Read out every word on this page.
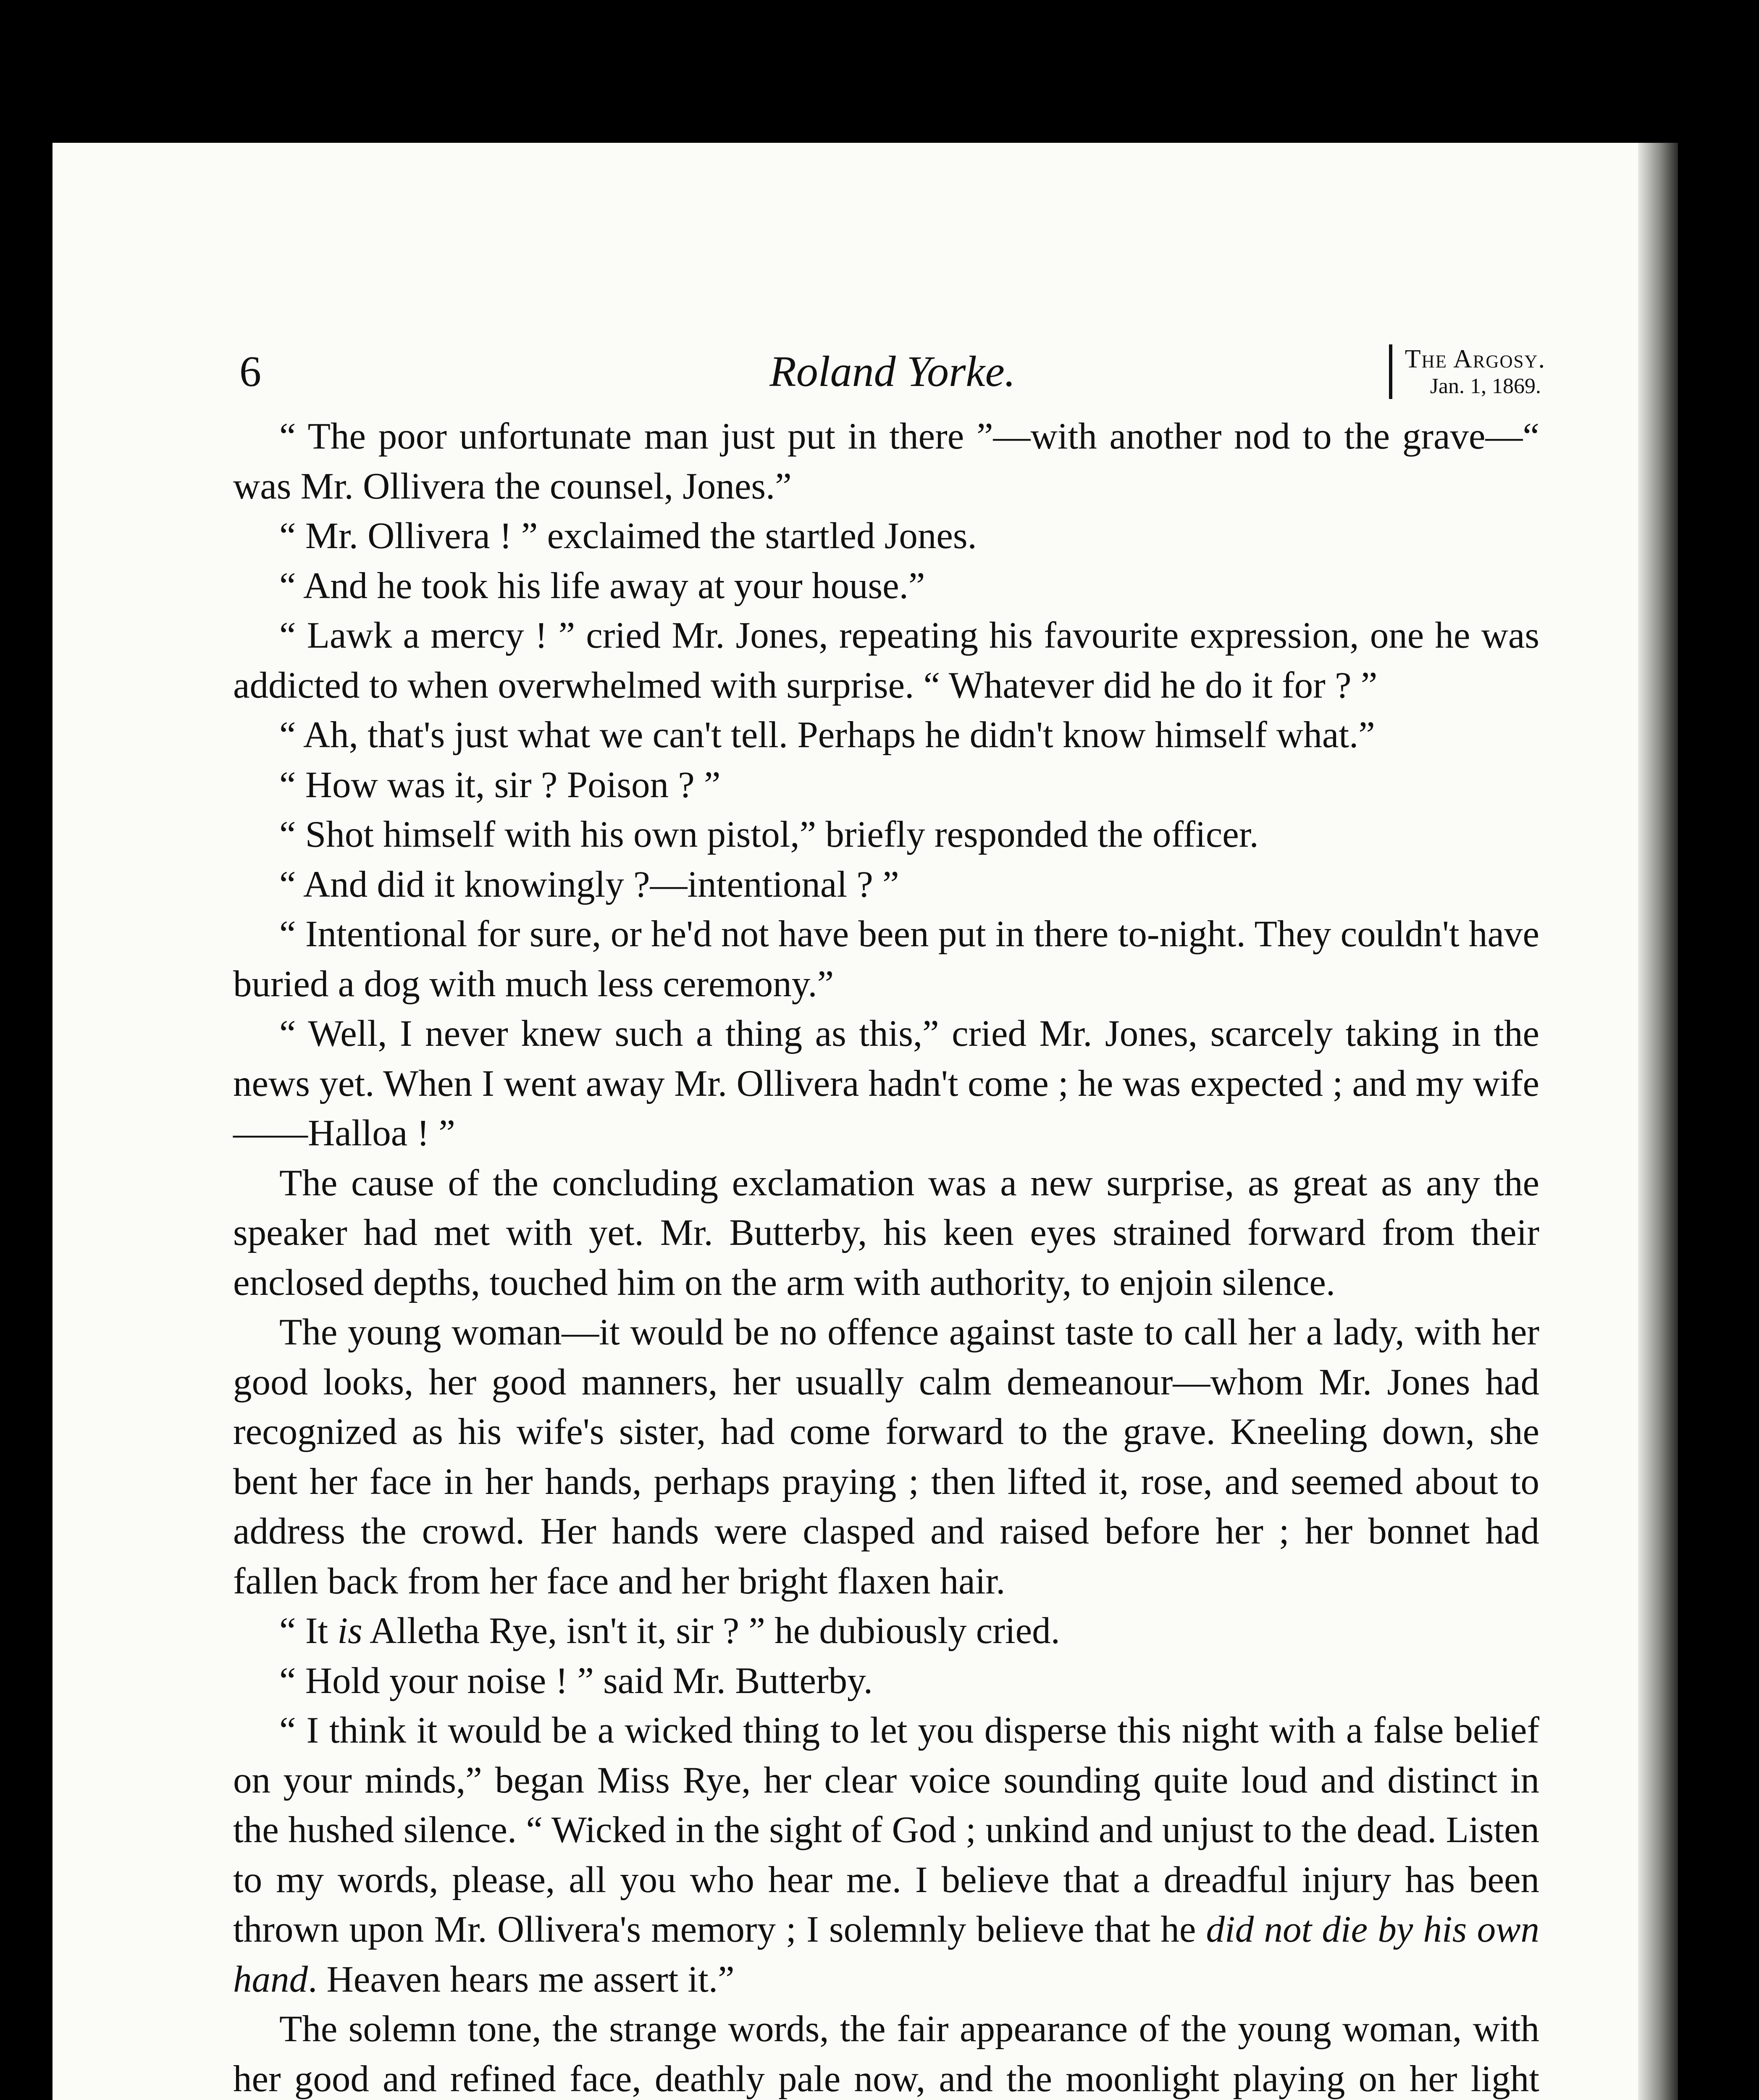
6	Roland Yorke.	The Argosy.
Jan. 1, 1869.

“ The poor unfortunate man just put in there ”—with another nod to the grave—“ was Mr. Ollivera the counsel, Jones.”

“ Mr. Ollivera ! ” exclaimed the startled Jones.

“ And he took his life away at your house.”

“ Lawk a mercy ! ” cried Mr. Jones, repeating his favourite expression, one he was addicted to when overwhelmed with surprise. “ Whatever did he do it for ? ”

“ Ah, that's just what we can't tell. Perhaps he didn't know himself what.”

“ How was it, sir ? Poison ? ”

“ Shot himself with his own pistol,” briefly responded the officer.

“ And did it knowingly ?—intentional ? ”

“ Intentional for sure, or he'd not have been put in there to-night. They couldn't have buried a dog with much less ceremony.”

“ Well, I never knew such a thing as this,” cried Mr. Jones, scarcely taking in the news yet. When I went away Mr. Ollivera hadn't come ; he was expected ; and my wife——Halloa ! ”

The cause of the concluding exclamation was a new surprise, as great as any the speaker had met with yet. Mr. Butterby, his keen eyes strained forward from their enclosed depths, touched him on the arm with authority, to enjoin silence.

The young woman—it would be no offence against taste to call her a lady, with her good looks, her good manners, her usually calm demeanour—whom Mr. Jones had recognized as his wife's sister, had come forward to the grave. Kneeling down, she bent her face in her hands, perhaps praying ; then lifted it, rose, and seemed about to address the crowd. Her hands were clasped and raised before her ; her bonnet had fallen back from her face and her bright flaxen hair.

“ It is Alletha Rye, isn't it, sir ? ” he dubiously cried.

“ Hold your noise ! ” said Mr. Butterby.

“ I think it would be a wicked thing to let you disperse this night with a false belief on your minds,” began Miss Rye, her clear voice sounding quite loud and distinct in the hushed silence. “ Wicked in the sight of God ; unkind and unjust to the dead. Listen to my words, please, all you who hear me. I believe that a dreadful injury has been thrown upon Mr. Ollivera's memory ; I solemnly believe that he did not die by his own hand. Heaven hears me assert it.”

The solemn tone, the strange words, the fair appearance of the young woman, with her good and refined face, deathly pale now, and the moonlight playing on her light
